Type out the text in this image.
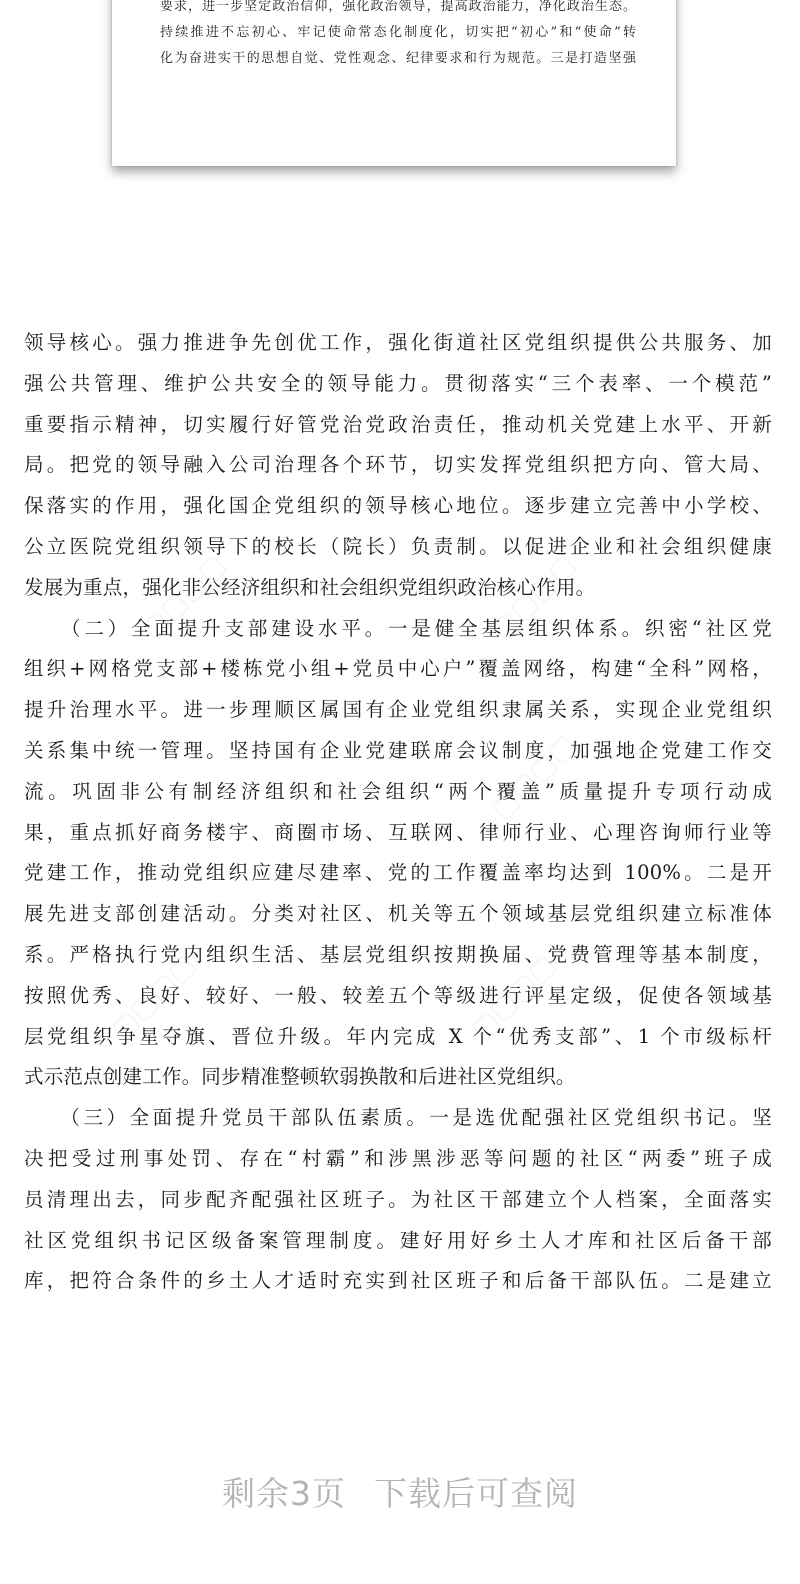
要求，进一步坚定政治信仰，强化政治领导，提高政治能力，净化政治生态。
持续推进不忘初心、牢记使命常态化制度化，切实把“初心”和“使命”转
化为奋进实干的思想自觉、党性观念、纪律要求和行为规范。三是打造坚强

领导核心。强力推进争先创优工作，强化街道社区党组织提供公共服务、加
强公共管理、维护公共安全的领导能力。贯彻落实“三个表率、一个模范”
重要指示精神，切实履行好管党治党政治责任，推动机关党建上水平、开新
局。把党的领导融入公司治理各个环节，切实发挥党组织把方向、管大局、
保落实的作用，强化国企党组织的领导核心地位。逐步建立完善中小学校、
公立医院党组织领导下的校长（院长）负责制。以促进企业和社会组织健康
发展为重点，强化非公经济组织和社会组织党组织政治核心作用。

　　（二）全面提升支部建设水平。一是健全基层组织体系。织密“社区党
组织+网格党支部+楼栋党小组+党员中心户”覆盖网络，构建“全科”网格，
提升治理水平。进一步理顺区属国有企业党组织隶属关系，实现企业党组织
关系集中统一管理。坚持国有企业党建联席会议制度，加强地企党建工作交
流。巩固非公有制经济组织和社会组织“两个覆盖”质量提升专项行动成
果，重点抓好商务楼宇、商圈市场、互联网、律师行业、心理咨询师行业等
党建工作，推动党组织应建尽建率、党的工作覆盖率均达到 100%。二是开
展先进支部创建活动。分类对社区、机关等五个领域基层党组织建立标准体
系。严格执行党内组织生活、基层党组织按期换届、党费管理等基本制度，
按照优秀、良好、较好、一般、较差五个等级进行评星定级，促使各领域基
层党组织争星夺旗、晋位升级。年内完成 X 个“优秀支部”、1 个市级标杆
式示范点创建工作。同步精准整顿软弱换散和后进社区党组织。

　　（三）全面提升党员干部队伍素质。一是选优配强社区党组织书记。坚
决把受过刑事处罚、存在“村霸”和涉黑涉恶等问题的社区“两委”班子成
员清理出去，同步配齐配强社区班子。为社区干部建立个人档案，全面落实
社区党组织书记区级备案管理制度。建好用好乡土人才库和社区后备干部
库，把符合条件的乡土人才适时充实到社区班子和后备干部队伍。二是建立

▢▢▢▢	▢▢▢▢
▢▢▢▢
▢▢▢▢	▢▢▢▢
剩余3页 下载后可查阅
